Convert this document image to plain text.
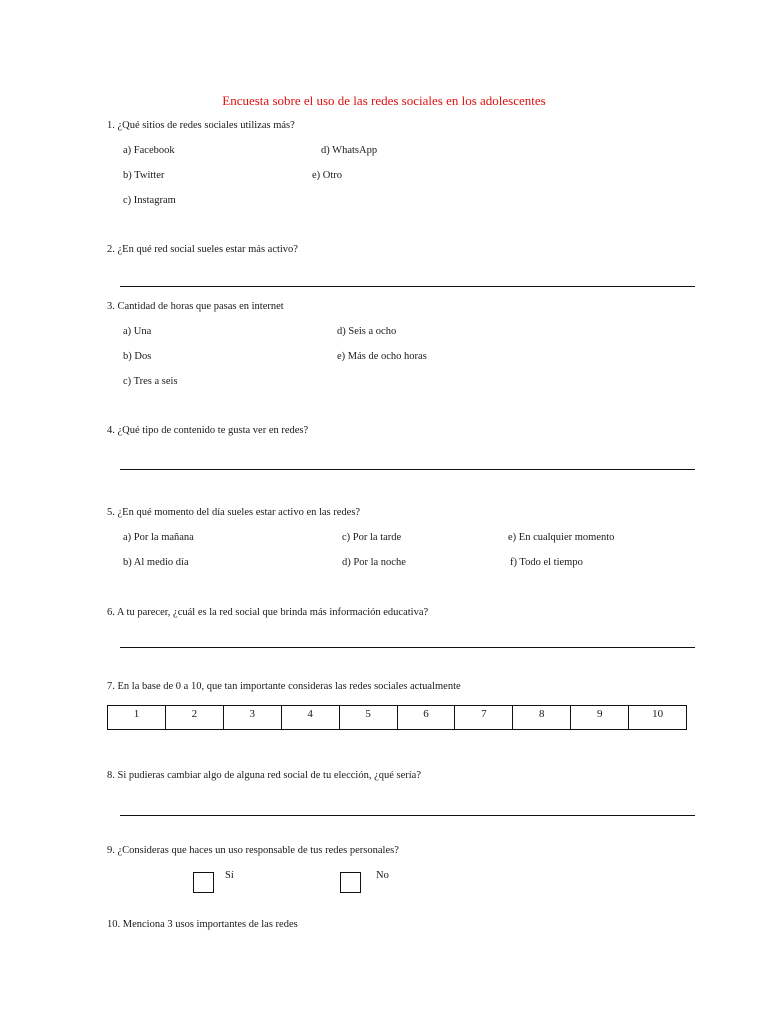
Encuesta sobre el uso de las redes sociales en los adolescentes
1. ¿Qué sitios de redes sociales utilizas más?
a) Facebook
b) Twitter
c) Instagram
d) WhatsApp
e) Otro
2. ¿En qué red social sueles estar más activo?
3. Cantidad de horas que pasas en internet
a) Una
b) Dos
c) Tres a seis
d) Seis a ocho
e) Más de ocho horas
4. ¿Qué tipo de contenido te gusta ver en redes?
5. ¿En qué momento del día sueles estar activo en las redes?
a) Por la mañana
b) Al medio día
c) Por la tarde
d) Por la noche
e) En cualquier momento
f) Todo el tiempo
6. A tu parecer, ¿cuál es la red social que brinda más información educativa?
7. En la base de 0 a 10, que tan importante consideras las redes sociales actualmente
1	2	3	4	5	6	7	8	9	10
8. Si pudieras cambiar algo de alguna red social de tu elección, ¿qué sería?
9. ¿Consideras que haces un uso responsable de tus redes personales?
Sí	No
10. Menciona 3 usos importantes de las redes
